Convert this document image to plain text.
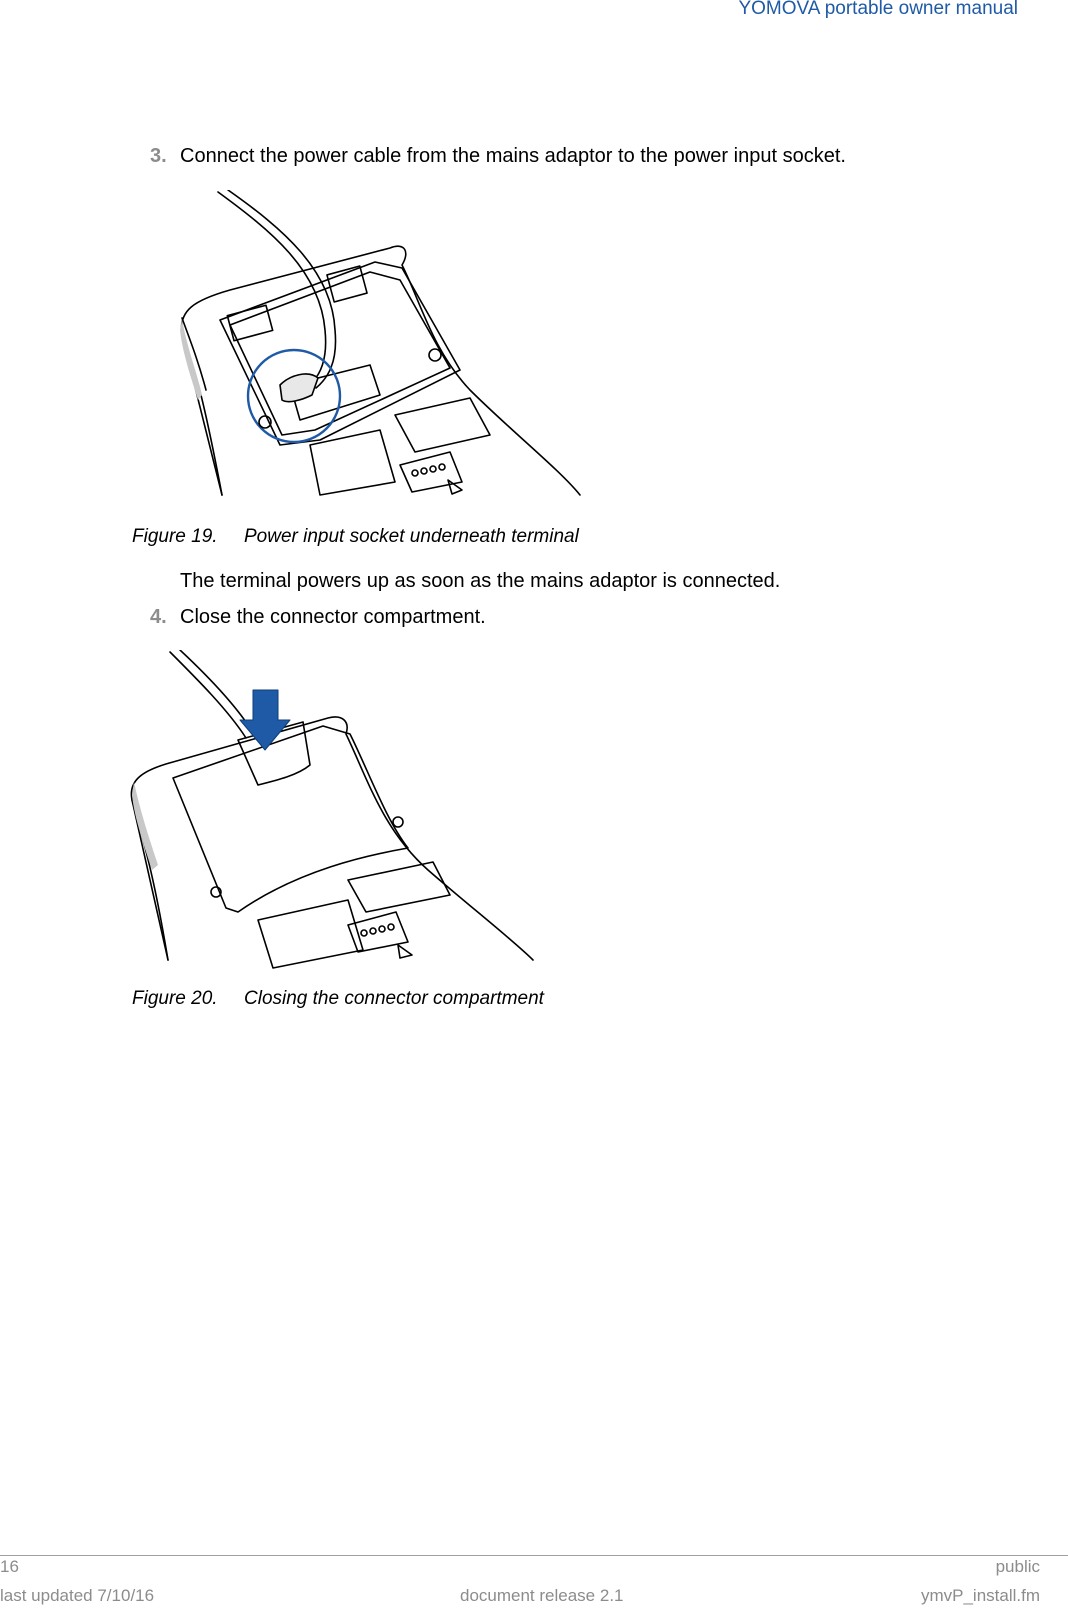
YOMOVA portable owner manual
3. Connect the power cable from the mains adaptor to the power input socket.
Figure 19. Power input socket underneath terminal
The terminal powers up as soon as the mains adaptor is connected.
4. Close the connector compartment.
Figure 20. Closing the connector compartment
16	public
last updated 7/10/16	document release 2.1	ymvP_install.fm
